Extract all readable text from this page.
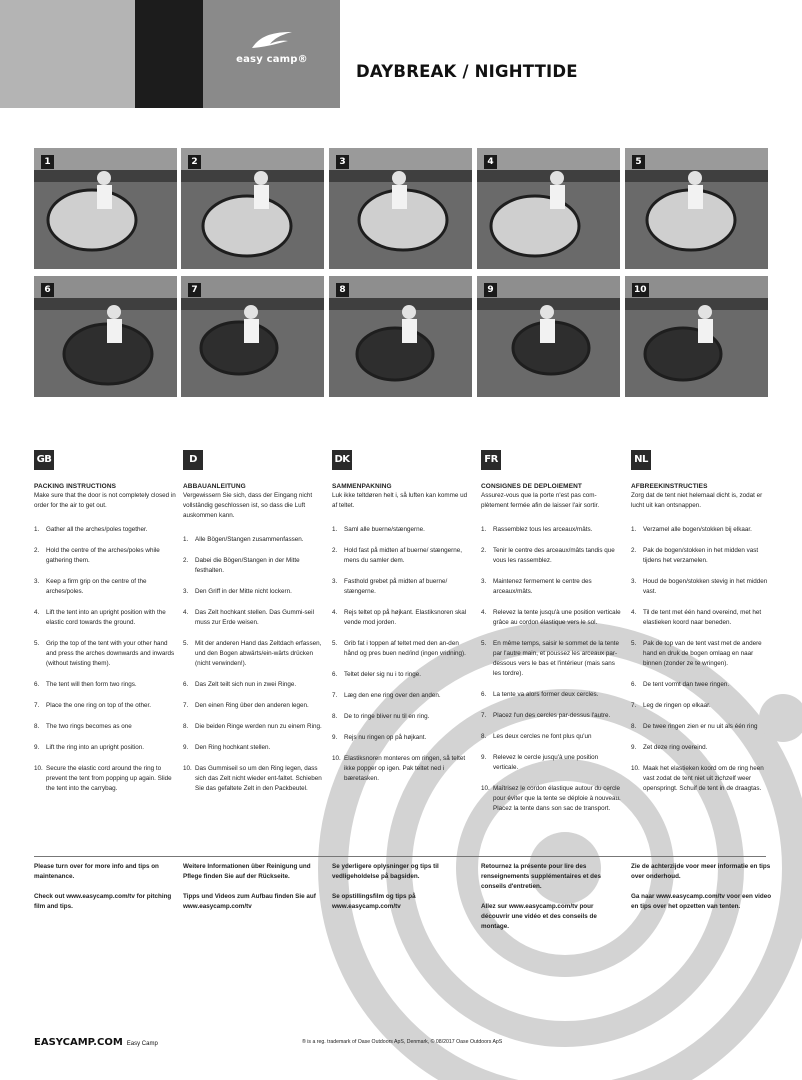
easy camp®
DAYBREAK / NIGHTTIDE
1	2	3	4	5
6	7	8	9	10
GB
PACKING INSTRUCTIONS
Make sure that the door is not completely closed in order for the air to get out.
1. Gather all the arches/poles together.
2. Hold the centre of the arches/poles while gathering them.
3. Keep a firm grip on the centre of the arches/poles.
4. Lift the tent into an upright position with the elastic cord towards the ground.
5. Grip the top of the tent with your other hand and press the arches downwards and inwards (without twisting them).
6. The tent will then form two rings.
7. Place the one ring on top of the other.
8. The two rings becomes as one
9. Lift the ring into an upright position.
10. Secure the elastic cord around the ring to prevent the tent from popping up again. Slide the tent into the carrybag.
D
ABBAUANLEITUNG
Vergewissern Sie sich, dass der Eingang nicht vollständig geschlossen ist, so dass die Luft auskommen kann.
1. Alle Bögen/Stangen zusammenfassen.
2. Dabei die Bögen/Stangen in der Mitte festhalten.
3. Den Griff in der Mitte nicht lockern.
4. Das Zelt hochkant stellen. Das Gummi-seil muss zur Erde weisen.
5. Mit der anderen Hand das Zeltdach erfassen, und den Bogen abwärts/ein-wärts drücken (nicht verwinden!).
6. Das Zelt teilt sich nun in zwei Ringe.
7. Den einen Ring über den anderen legen.
8. Die beiden Ringe werden nun zu einem Ring.
9. Den Ring hochkant stellen.
10. Das Gummiseil so um den Ring legen, dass sich das Zelt nicht wieder ent-faltet. Schieben Sie das gefaltete Zelt in den Packbeutel.
DK
SAMMENPAKNING
Luk ikke teltdøren helt i, så luften kan komme ud af teltet.
1. Saml alle buerne/stængerne.
2. Hold fast på midten af buerne/ stængerne, mens du samler dem.
3. Fasthold grebet på midten af buerne/ stængerne.
4. Rejs teltet op på højkant. Elastiksnoren skal vende mod jorden.
5. Grib fat i toppen af teltet med den an-den hånd og pres buen ned/ind (ingen vridning).
6. Teltet deler sig nu i to ringe.
7. Læg den ene ring over den anden.
8. De to ringe bliver nu til en ring.
9. Rejs nu ringen op på højkant.
10. Elastiksnoren monteres om ringen, så teltet ikke popper op igen. Pak teltet ned i bæretasken.
FR
CONSIGNES DE DEPLOIEMENT
Assurez-vous que la porte n'est pas com-plètement fermée afin de laisser l'air sortir.
1. Rassemblez tous les arceaux/mâts.
2. Tenir le centre des arceaux/mâts tandis que vous les rassemblez.
3. Maintenez fermement le centre des arceaux/mâts.
4. Relevez la tente jusqu'à une position verticale grâce au cordon élastique vers le sol.
5. En même temps, saisir le sommet de la tente par l'autre main, et poussez les arceaux par-dessous vers le bas et l'intérieur (mais sans les tordre).
6. La tente va alors former deux cercles.
7. Placez l'un des cercles par-dessus l'autre.
8. Les deux cercles ne font plus qu'un
9. Relevez le cercle jusqu'à une position verticale.
10. Maîtrisez le cordon élastique autour du cercle pour éviter que la tente se déploie à nouveau. Placez la tente dans son sac de transport.
NL
AFBREEKINSTRUCTIES
Zorg dat de tent niet helemaal dicht is, zodat er lucht uit kan ontsnappen.
1. Verzamel alle bogen/stokken bij elkaar.
2. Pak de bogen/stokken in het midden vast tijdens het verzamelen.
3. Houd de bogen/stokken stevig in het midden vast.
4. Til de tent met één hand overeind, met het elastieken koord naar beneden.
5. Pak de top van de tent vast met de andere hand en druk de bogen omlaag en naar binnen (zonder ze te wringen).
6. De tent vormt dan twee ringen.
7. Leg de ringen op elkaar.
8. De twee ringen zien er nu uit als één ring
9. Zet deze ring overeind.
10. Maak het elastieken koord om de ring heen vast zodat de tent niet uit zichzelf weer openspringt. Schuif de tent in de draagtas.

Please turn over for more info and tips on maintenance.

Check out www.easycamp.com/tv for pitching film and tips.

Weitere Informationen über Reinigung und Pflege finden Sie auf der Rückseite.

Tipps und Videos zum Aufbau finden Sie auf www.easycamp.com/tv

Se yderligere oplysninger og tips til vedligeholdelse på bagsiden.

Se opstillingsfilm og tips på www.easycamp.com/tv

Retournez la présente pour lire des renseignements supplémentaires et des conseils d'entretien.

Allez sur www.easycamp.com/tv pour découvrir une vidéo et des conseils de montage.

Zie de achterzijde voor meer informatie en tips over onderhoud.

Ga naar www.easycamp.com/tv voor een video en tips over het opzetten van tenten.

EASYCAMP.COM Easy Camp	® is a reg. trademark of Oase Outdoors ApS, Denmark, © 08/2017 Oase Outdoors ApS
